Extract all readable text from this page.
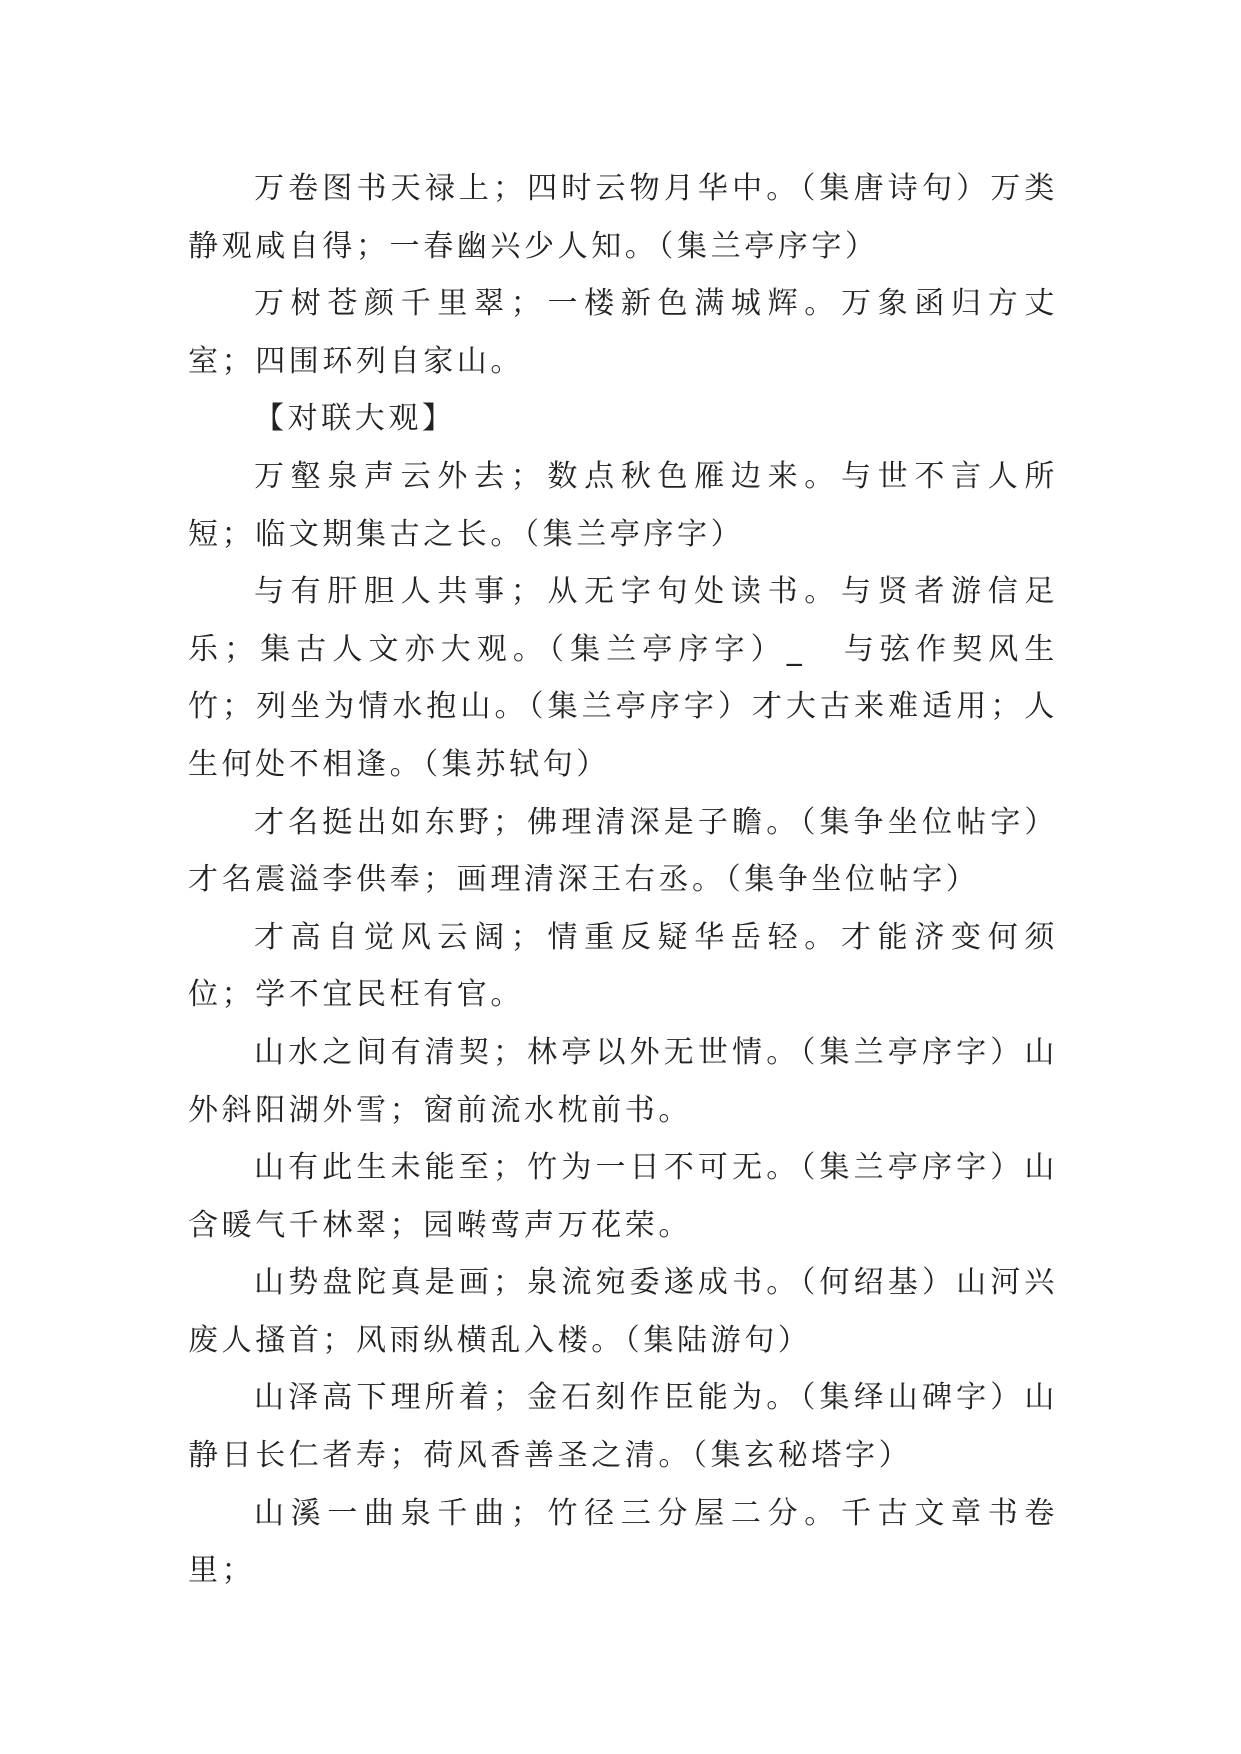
万卷图书天禄上；四时云物月华中。（集唐诗句）万类静观咸自得；一春幽兴少人知。（集兰亭序字）

万树苍颜千里翠；一楼新色满城辉。万象函归方丈室；四围环列自家山。

【对联大观】

万壑泉声云外去；数点秋色雁边来。与世不言人所短；临文期集古之长。（集兰亭序字）

与有肝胆人共事；从无字句处读书。与贤者游信足乐；集古人文亦大观。（集兰亭序字）_　与弦作契风生竹；列坐为情水抱山。（集兰亭序字）才大古来难适用；人生何处不相逢。（集苏轼句）

才名挺出如东野；佛理清深是子瞻。（集争坐位帖字）才名震溢李供奉；画理清深王右丞。（集争坐位帖字）

才高自觉风云阔；情重反疑华岳轻。才能济变何须位；学不宜民枉有官。

山水之间有清契；林亭以外无世情。（集兰亭序字）山外斜阳湖外雪；窗前流水枕前书。

山有此生未能至；竹为一日不可无。（集兰亭序字）山含暖气千林翠；园啭莺声万花荣。

山势盘陀真是画；泉流宛委遂成书。（何绍基）山河兴废人搔首；风雨纵横乱入楼。（集陆游句）

山泽高下理所着；金石刻作臣能为。（集绎山碑字）山静日长仁者寿；荷风香善圣之清。（集玄秘塔字）

山溪一曲泉千曲；竹径三分屋二分。千古文章书卷里；
